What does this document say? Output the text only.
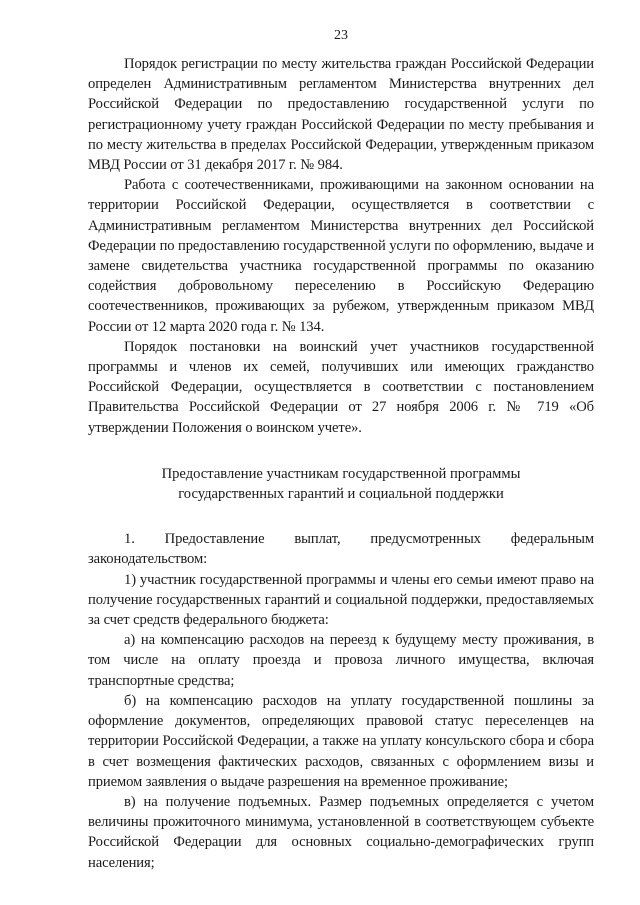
23

Порядок регистрации по месту жительства граждан Российской Федерации определен Административным регламентом Министерства внутренних дел Российской Федерации по предоставлению государственной услуги по регистрационному учету граждан Российской Федерации по месту пребывания и по месту жительства в пределах Российской Федерации, утвержденным приказом МВД России от 31 декабря 2017 г. № 984.

Работа с соотечественниками, проживающими на законном основании на территории Российской Федерации, осуществляется в соответствии с Административным регламентом Министерства внутренних дел Российской Федерации по предоставлению государственной услуги по оформлению, выдаче и замене свидетельства участника государственной программы по оказанию содействия добровольному переселению в Российскую Федерацию соотечественников, проживающих за рубежом, утвержденным приказом МВД России от 12 марта 2020 года г. № 134.

Порядок постановки на воинский учет участников государственной программы и членов их семей, получивших или имеющих гражданство Российской Федерации, осуществляется в соответствии с постановлением Правительства Российской Федерации от 27 ноября 2006 г. № 719 «Об утверждении Положения о воинском учете».

Предоставление участникам государственной программы
государственных гарантий и социальной поддержки

1. Предоставление выплат, предусмотренных федеральным законодательством:

1) участник государственной программы и члены его семьи имеют право на получение государственных гарантий и социальной поддержки, предоставляемых за счет средств федерального бюджета:

а) на компенсацию расходов на переезд к будущему месту проживания, в том числе на оплату проезда и провоза личного имущества, включая транспортные средства;

б) на компенсацию расходов на уплату государственной пошлины за оформление документов, определяющих правовой статус переселенцев на территории Российской Федерации, а также на уплату консульского сбора и сбора в счет возмещения фактических расходов, связанных с оформлением визы и приемом заявления о выдаче разрешения на временное проживание;

в) на получение подъемных. Размер подъемных определяется с учетом величины прожиточного минимума, установленной в соответствующем субъекте Российской Федерации для основных социально-демографических групп населения;
